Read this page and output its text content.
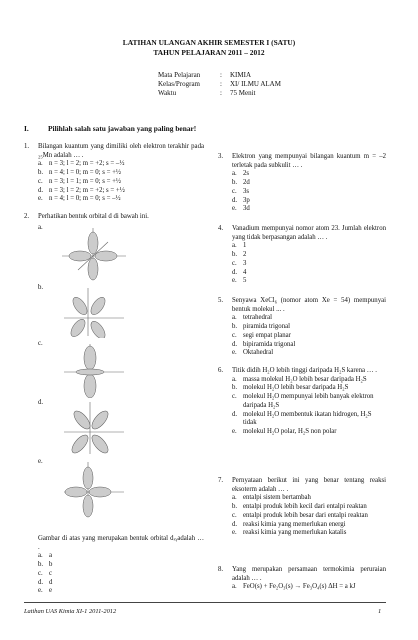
LATIHAN ULANGAN AKHIR SEMESTER I (SATU)
TAHUN PELAJARAN 2011 – 2012
Mata Pelajaran	: KIMIA
Kelas/Program	: XI/ ILMU ALAM
Waktu	: 75 Menit
I.	Pilihlah salah satu jawaban yang paling benar!
1.	Bilangan kuantum yang dimiliki oleh elektron terakhir pada ₂₅Mn adalah … .
a. n = 3; l = 2; m = +2; s = –½
b. n = 4; l = 0; m = 0; s = +½
c. n = 3; l = 1; m = 0; s = +½
d. n = 3; l = 2; m = +2; s = +½
e. n = 4; l = 0; m = 0; s = –½
2.	Perhatikan bentuk orbital d di bawah ini.
a.
b.
c.
d.
e.
Gambar di atas yang merupakan bentuk orbital dₓᵧadalah … .
a. a
b. b
c. c
d. d
e. e
3.	Elektron yang mempunyai bilangan kuantum m = –2 terletak pada subkulit … .
a. 2s
b. 2d
c. 3s
d. 3p
e. 3d
4.	Vanadium mempunyai nomor atom 23. Jumlah elektron yang tidak berpasangan adalah … .
a. 1
b. 2
c. 3
d. 4
e. 5
5.	Senyawa XeCl₆ (nomor atom Xe = 54) mempunyai bentuk molekul ... .
a. tetrahedral
b. piramida trigonal
c. segi empat planar
d. bipiramida trigonal
e. Oktahedral
6.	Titik didih H₂O lebih tinggi daripada H₂S karena … .
a. massa molekul H₂O lebih besar daripada H₂S
b. molekul H₂O lebih besar daripada H₂S
c. molekul H₂O mempunyai lebih banyak elektron daripada H₂S
d. molekul H₂O membentuk ikatan hidrogen, H₂S tidak
e. molekul H₂O polar, H₂S non polar
7.	Pernyataan berikut ini yang benar tentang reaksi eksoterm adalah … .
a. entalpi sistem bertambah
b. entalpi produk lebih kecil dari entalpi reaktan
c. entalpi produk lebih besar dari entalpi reaktan
d. reaksi kimia yang memerlukan energi
e. reaksi kimia yang memerlukan katalis
8.	Yang merupakan persamaan termokimia peruraian adalah … .
a. FeO(s) + Fe₂O₃(s) → Fe₃O₄(s) ΔH = a kJ
Latihan UAS Kimia XI-1 2011-2012	1
